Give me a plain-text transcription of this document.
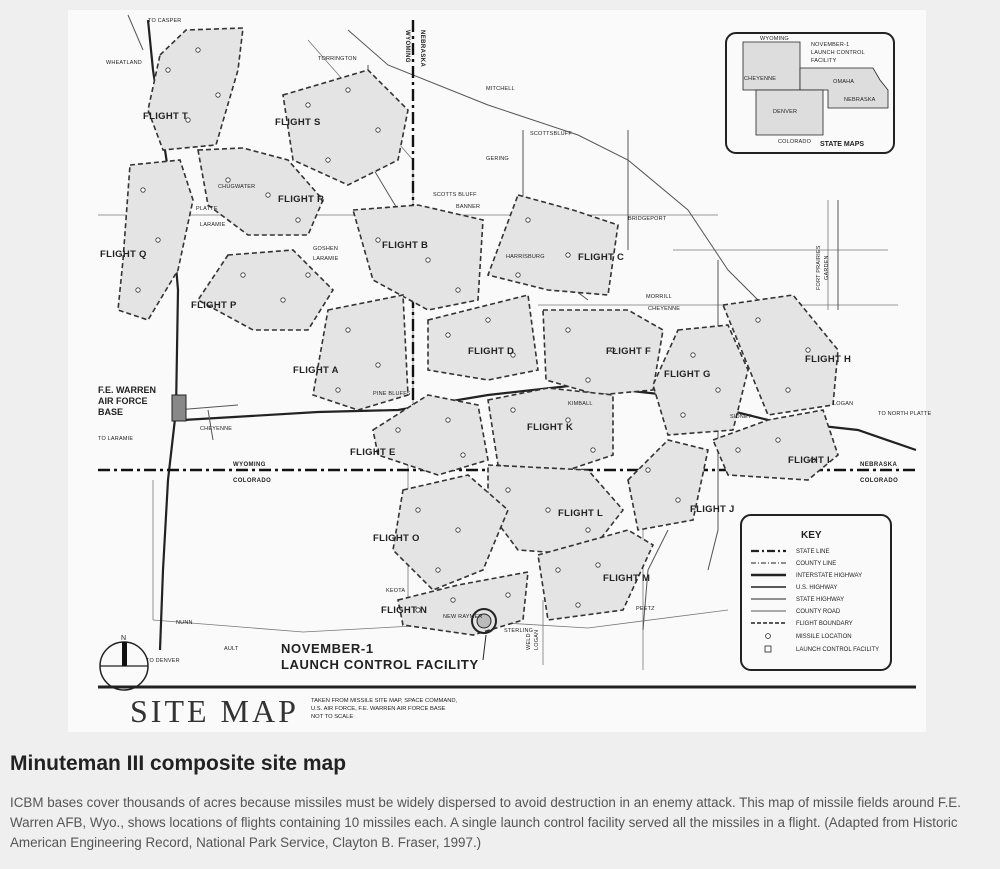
FLIGHT T
FLIGHT S
FLIGHT R
FLIGHT Q
FLIGHT P
FLIGHT B
FLIGHT C
FLIGHT A
FLIGHT D	FLIGHT F
FLIGHT G
FLIGHT H
FLIGHT E
FLIGHT K
FLIGHT I
FLIGHT J
FLIGHT L
FLIGHT O
FLIGHT M
FLIGHT N
TO CASPER
WHEATLAND
TORRINGTON	WYOMING NEBRASKA
MITCHELL
SCOTTSBLUFF
GERING
CHUGWATER
PLATTE
LARAMIE
SCOTTS BLUFF
BANNER
GOSHEN
LARAMIE	HARRISBURG
BRIDGEPORT
MORRILL
CHEYENNE
KIMBALL
PINE BLUFFS
SIDNEY
LOGAN
TO NORTH PLATTE
TO LARAMIE
CHEYENNE
WYOMING
COLORADO
NEBRASKA
COLORADO
WELD LOGAN
STERLING
NEW RAYMER
KEOTA
PEETZ
TO DENVER
NUNN
AULT
FORT PRAIRIES GARDEN
F.E. WARREN
AIR FORCE
BASE
NOVEMBER-1
LAUNCH CONTROL FACILITY
WYOMING
NEBRASKA
COLORADO
CHEYENNE	OMAHA
DENVER
NOVEMBER-1
LAUNCH CONTROL
FACILITY
STATE MAPS
KEY
STATE LINE
COUNTY LINE
INTERSTATE HIGHWAY
U.S. HIGHWAY
STATE HIGHWAY
COUNTY ROAD
FLIGHT BOUNDARY
MISSILE LOCATION
LAUNCH CONTROL FACILITY
N
SITE MAP TAKEN FROM MISSILE SITE MAP, SPACE COMMAND,
U.S. AIR FORCE, F.E. WARREN AIR FORCE BASE
NOT TO SCALE
Minuteman III composite site map

ICBM bases cover thousands of acres because missiles must be widely dispersed to avoid destruction in an enemy attack. This map of missile fields around F.E. Warren AFB, Wyo., shows locations of flights containing 10 missiles each. A single launch control facility served all the missiles in a flight. (Adapted from Historic American Engineering Record, National Park Service, Clayton B. Fraser, 1997.)
